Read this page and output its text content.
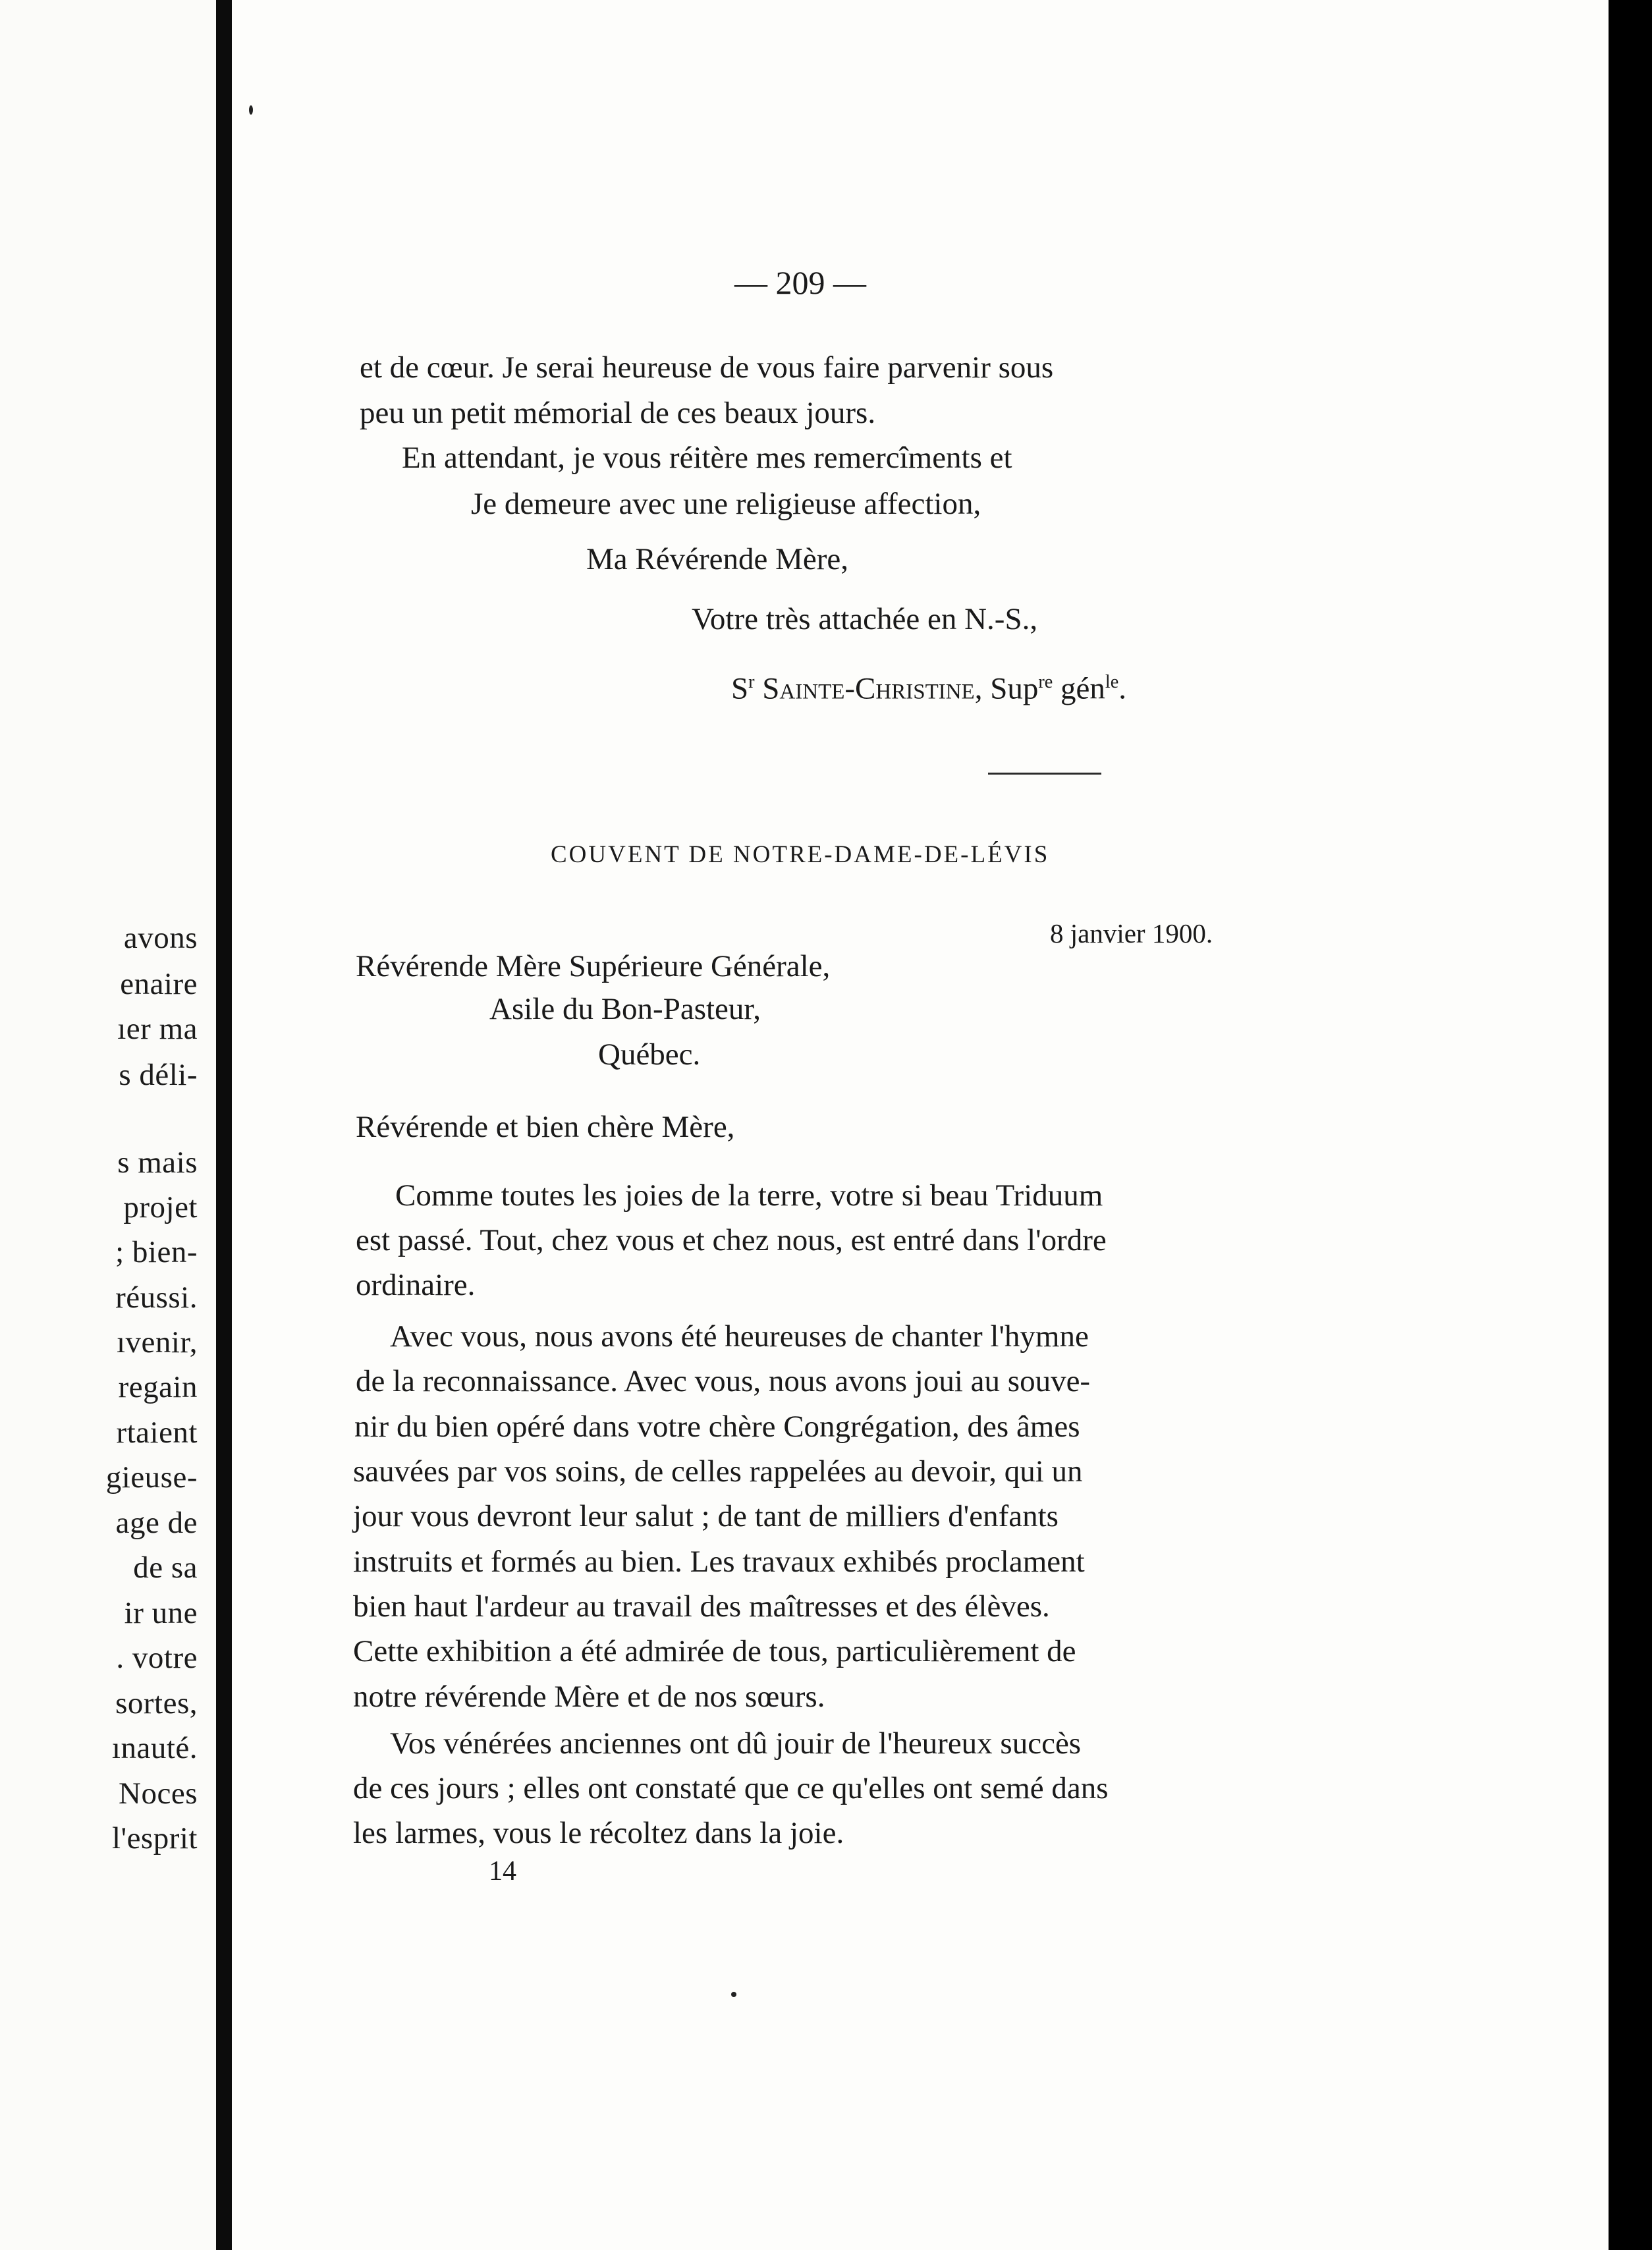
avons
enaire
ıer ma
s déli-
s mais
projet
; bien-
réussi.
ıvenir,
regain
rtaient
gieuse-
age de
de sa
ir une
. votre
sortes,
ınauté.
Noces
l'esprit
— 209 —
et de cœur. Je serai heureuse de vous faire parvenir sous
peu un petit mémorial de ces beaux jours.
En attendant, je vous réitère mes remercîments et
Je demeure avec une religieuse affection,
Ma Révérende Mère,
Votre très attachée en N.-S.,
$S^r$ Sainte-Christine, Sup$^{re}$ gén$^{le}$.
COUVENT DE NOTRE-DAME-DE-LÉVIS
8 janvier 1900.
Révérende Mère Supérieure Générale,
Asile du Bon-Pasteur,
Québec.
Révérende et bien chère Mère,
Comme toutes les joies de la terre, votre si beau Triduum
est passé. Tout, chez vous et chez nous, est entré dans l'ordre
ordinaire.
Avec vous, nous avons été heureuses de chanter l'hymne
de la reconnaissance. Avec vous, nous avons joui au souve-
nir du bien opéré dans votre chère Congrégation, des âmes
sauvées par vos soins, de celles rappelées au devoir, qui un
jour vous devront leur salut ; de tant de milliers d'enfants
instruits et formés au bien. Les travaux exhibés proclament
bien haut l'ardeur au travail des maîtresses et des élèves.
Cette exhibition a été admirée de tous, particulièrement de
notre révérende Mère et de nos sœurs.
Vos vénérées anciennes ont dû jouir de l'heureux succès
de ces jours ; elles ont constaté que ce qu'elles ont semé dans
les larmes, vous le récoltez dans la joie.
14
